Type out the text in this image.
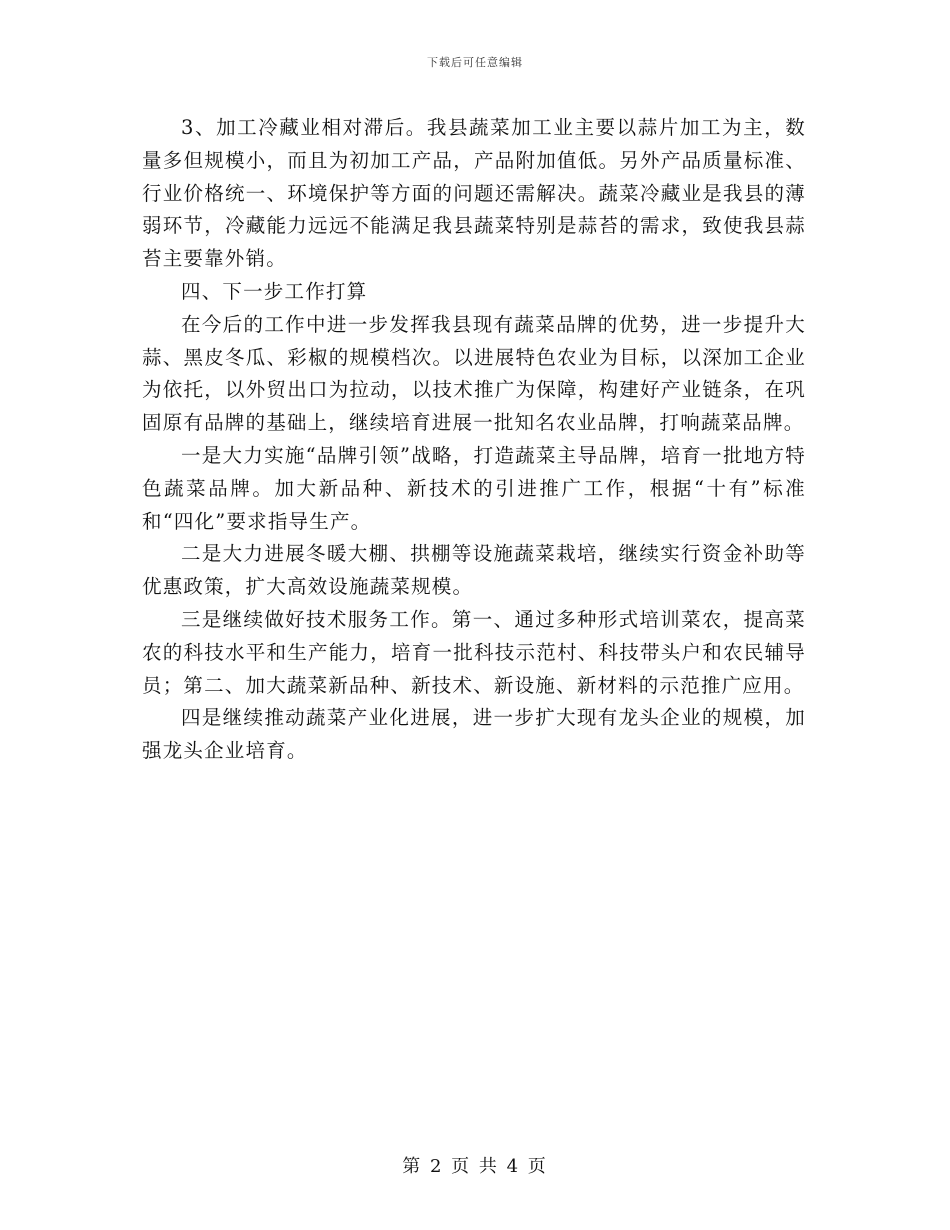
下载后可任意编辑

3、加工冷藏业相对滞后。我县蔬菜加工业主要以蒜片加工为主，数量多但规模小，而且为初加工产品，产品附加值低。另外产品质量标准、行业价格统一、环境保护等方面的问题还需解决。蔬菜冷藏业是我县的薄弱环节，冷藏能力远远不能满足我县蔬菜特别是蒜苔的需求，致使我县蒜苔主要靠外销。

四、下一步工作打算

在今后的工作中进一步发挥我县现有蔬菜品牌的优势，进一步提升大蒜、黑皮冬瓜、彩椒的规模档次。以进展特色农业为目标，以深加工企业为依托，以外贸出口为拉动，以技术推广为保障，构建好产业链条，在巩固原有品牌的基础上，继续培育进展一批知名农业品牌，打响蔬菜品牌。

一是大力实施“品牌引领”战略，打造蔬菜主导品牌，培育一批地方特色蔬菜品牌。加大新品种、新技术的引进推广工作，根据“十有”标准和“四化”要求指导生产。

二是大力进展冬暖大棚、拱棚等设施蔬菜栽培，继续实行资金补助等优惠政策，扩大高效设施蔬菜规模。

三是继续做好技术服务工作。第一、通过多种形式培训菜农，提高菜农的科技水平和生产能力，培育一批科技示范村、科技带头户和农民辅导员；第二、加大蔬菜新品种、新技术、新设施、新材料的示范推广应用。

四是继续推动蔬菜产业化进展，进一步扩大现有龙头企业的规模，加强龙头企业培育。

第 2 页 共 4 页
